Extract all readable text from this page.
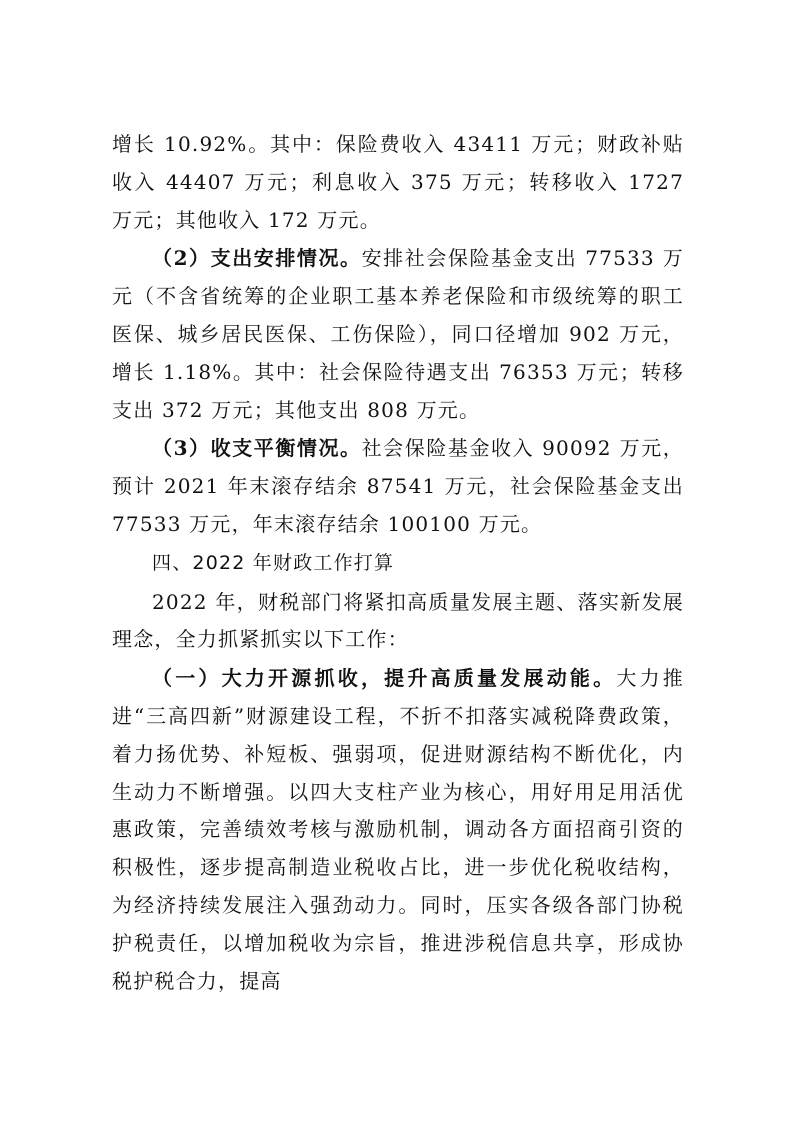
增长 10.92%。其中：保险费收入 43411 万元；财政补贴收入 44407 万元；利息收入 375 万元；转移收入 1727 万元；其他收入 172 万元。

（2）支出安排情况。安排社会保险基金支出 77533 万元（不含省统筹的企业职工基本养老保险和市级统筹的职工医保、城乡居民医保、工伤保险），同口径增加 902 万元，增长 1.18%。其中：社会保险待遇支出 76353 万元；转移支出 372 万元；其他支出 808 万元。

（3）收支平衡情况。社会保险基金收入 90092 万元，预计 2021 年末滚存结余 87541 万元，社会保险基金支出 77533 万元，年末滚存结余 100100 万元。

四、2022 年财政工作打算

2022 年，财税部门将紧扣高质量发展主题、落实新发展理念，全力抓紧抓实以下工作：

（一）大力开源抓收，提升高质量发展动能。大力推进“三高四新”财源建设工程，不折不扣落实减税降费政策，着力扬优势、补短板、强弱项，促进财源结构不断优化，内生动力不断增强。以四大支柱产业为核心，用好用足用活优惠政策，完善绩效考核与激励机制，调动各方面招商引资的积极性，逐步提高制造业税收占比，进一步优化税收结构，为经济持续发展注入强劲动力。同时，压实各级各部门协税护税责任，以增加税收为宗旨，推进涉税信息共享，形成协税护税合力，提高
